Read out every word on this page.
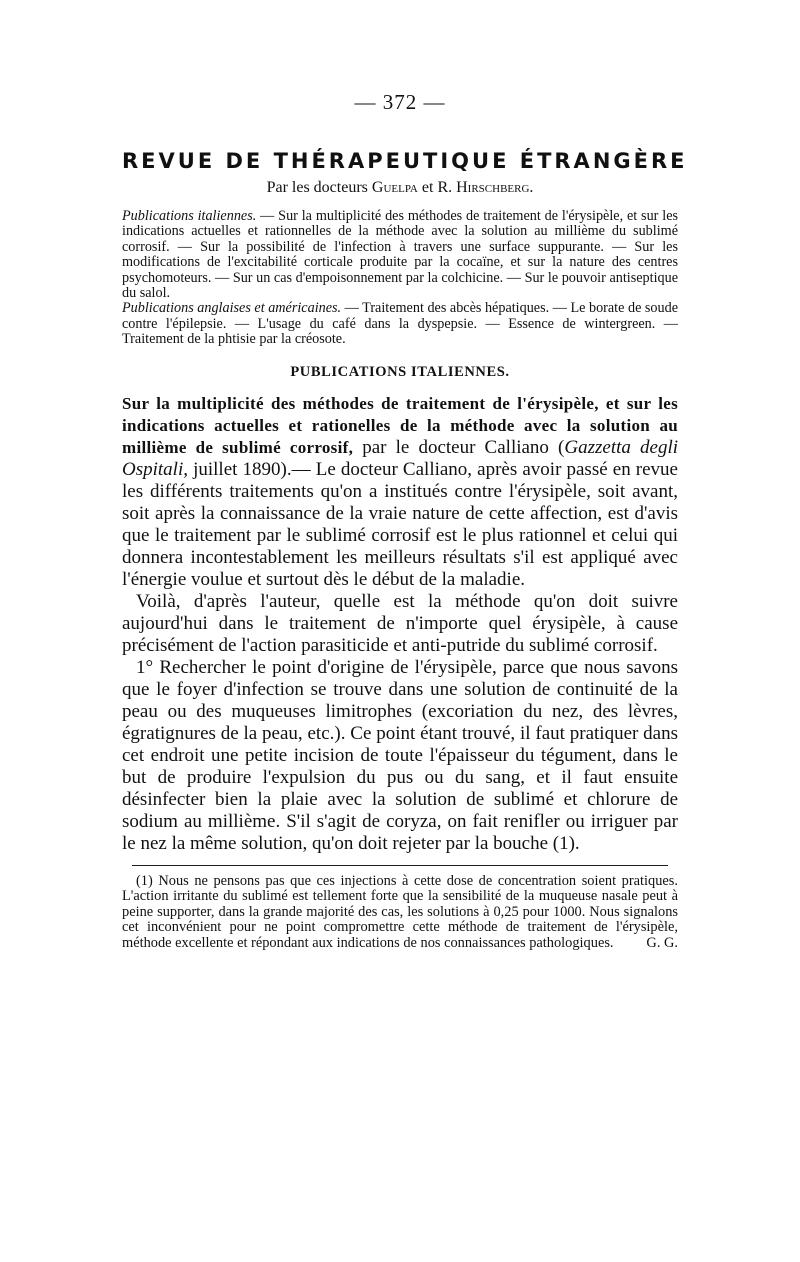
— 372 —
REVUE DE THÉRAPEUTIQUE ÉTRANGÈRE
Par les docteurs Guelpa et R. Hirschberg.

Publications italiennes. — Sur la multiplicité des méthodes de traitement de l'érysipèle, et sur les indications actuelles et rationnelles de la méthode avec la solution au millième du sublimé corrosif. — Sur la possibilité de l'infection à travers une surface suppurante. — Sur les modifications de l'excitabilité corticale produite par la cocaïne, et sur la nature des centres psychomoteurs. — Sur un cas d'empoisonnement par la colchicine. — Sur le pouvoir antiseptique du salol.

Publications anglaises et américaines. — Traitement des abcès hépatiques. — Le borate de soude contre l'épilepsie. — L'usage du café dans la dyspepsie. — Essence de wintergreen. — Traitement de la phtisie par la créosote.

PUBLICATIONS ITALIENNES.

Sur la multiplicité des méthodes de traitement de l'érysipèle, et sur les indications actuelles et rationelles de la méthode avec la solution au millième de sublimé corrosif, par le docteur Calliano (Gazzetta degli Ospitali, juillet 1890).— Le docteur Calliano, après avoir passé en revue les différents traitements qu'on a institués contre l'érysipèle, soit avant, soit après la connaissance de la vraie nature de cette affection, est d'avis que le traitement par le sublimé corrosif est le plus rationnel et celui qui donnera incontestablement les meilleurs résultats s'il est appliqué avec l'énergie voulue et surtout dès le début de la maladie.

Voilà, d'après l'auteur, quelle est la méthode qu'on doit suivre aujourd'hui dans le traitement de n'importe quel érysipèle, à cause précisément de l'action parasiticide et anti-putride du sublimé corrosif.

1° Rechercher le point d'origine de l'érysipèle, parce que nous savons que le foyer d'infection se trouve dans une solution de continuité de la peau ou des muqueuses limitrophes (excoriation du nez, des lèvres, égratignures de la peau, etc.). Ce point étant trouvé, il faut pratiquer dans cet endroit une petite incision de toute l'épaisseur du tégument, dans le but de produire l'expulsion du pus ou du sang, et il faut ensuite désinfecter bien la plaie avec la solution de sublimé et chlorure de sodium au millième. S'il s'agit de coryza, on fait renifler ou irriguer par le nez la même solution, qu'on doit rejeter par la bouche (1).

(1) Nous ne pensons pas que ces injections à cette dose de concentration soient pratiques. L'action irritante du sublimé est tellement forte que la sensibilité de la muqueuse nasale peut à peine supporter, dans la grande majorité des cas, les solutions à 0,25 pour 1000. Nous signalons cet inconvénient pour ne point compromettre cette méthode de traitement de l'érysipèle, méthode excellente et répondant aux indications de nos connaissances pathologiques.	G. G.
